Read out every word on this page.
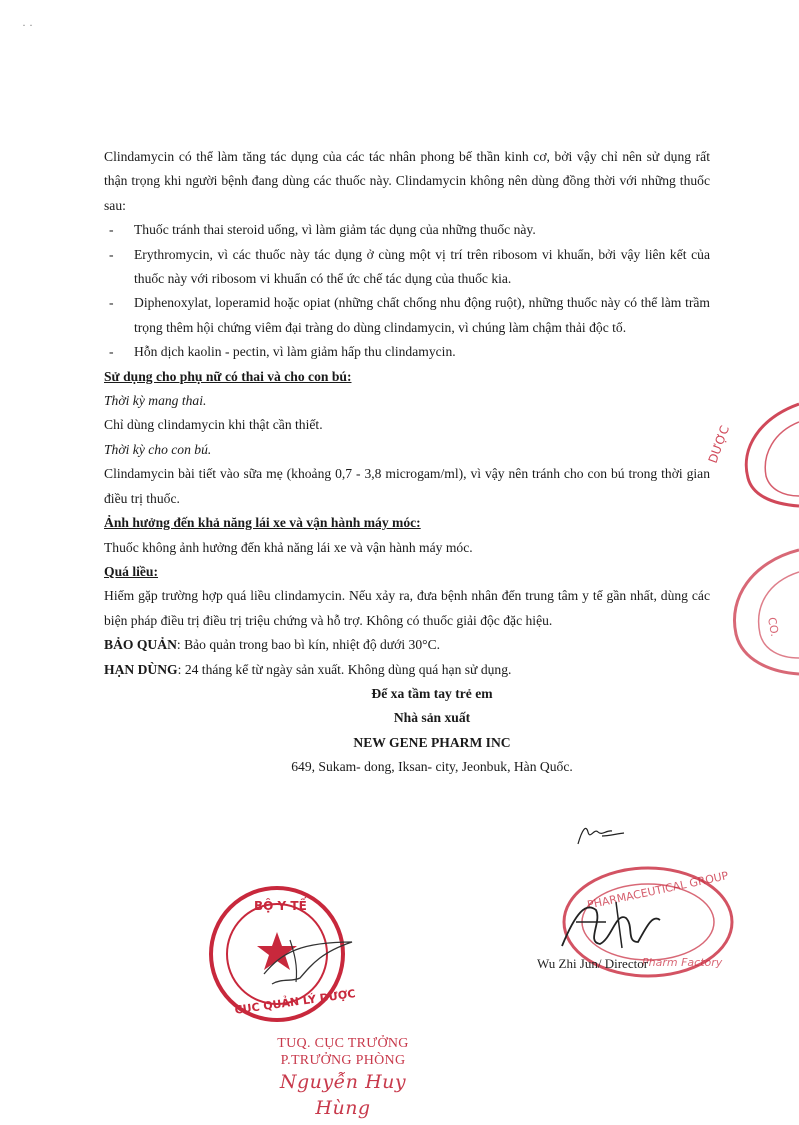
· ·

Clindamycin có thể làm tăng tác dụng của các tác nhân phong bế thần kinh cơ, bởi vậy chỉ nên sử dụng rất thận trọng khi người bệnh đang dùng các thuốc này. Clindamycin không nên dùng đồng thời với những thuốc sau:

- Thuốc tránh thai steroid uống, vì làm giảm tác dụng của những thuốc này.
- Erythromycin, vì các thuốc này tác dụng ở cùng một vị trí trên ribosom vi khuẩn, bởi vậy liên kết của thuốc này với ribosom vi khuẩn có thể ức chế tác dụng của thuốc kia.
- Diphenoxylat, loperamid hoặc opiat (những chất chống nhu động ruột), những thuốc này có thể làm trầm trọng thêm hội chứng viêm đại tràng do dùng clindamycin, vì chúng làm chậm thải độc tố.
- Hỗn dịch kaolin - pectin, vì làm giảm hấp thu clindamycin.

Sử dụng cho phụ nữ có thai và cho con bú:

Thời kỳ mang thai.

Chỉ dùng clindamycin khi thật cần thiết.

Thời kỳ cho con bú.

Clindamycin bài tiết vào sữa mẹ (khoảng 0,7 - 3,8 microgam/ml), vì vậy nên tránh cho con bú trong thời gian điều trị thuốc.

Ảnh hưởng đến khả năng lái xe và vận hành máy móc:

Thuốc không ảnh hưởng đến khả năng lái xe và vận hành máy móc.

Quá liều:

Hiếm gặp trường hợp quá liều clindamycin. Nếu xảy ra, đưa bệnh nhân đến trung tâm y tế gần nhất, dùng các biện pháp điều trị điều trị triệu chứng và hỗ trợ. Không có thuốc giải độc đặc hiệu.

BẢO QUẢN: Bảo quản trong bao bì kín, nhiệt độ dưới 30°C.

HẠN DÙNG: 24 tháng kể từ ngày sản xuất. Không dùng quá hạn sử dụng.

Để xa tầm tay trẻ em
Nhà sản xuất
NEW GENE PHARM INC
649, Sukam- dong, Iksan- city, Jeonbuk, Hàn Quốc.
DƯỢC
CO.
BỘ Y TẾ
CỤC QUẢN LÝ DƯỢC
TUQ. CỤC TRƯỞNG
P.TRƯỞNG PHÒNG
Nguyễn Huy Hùng
PHARMACEUTICAL GROUP
Pharm Factory
Wu Zhi Jun/ Director
